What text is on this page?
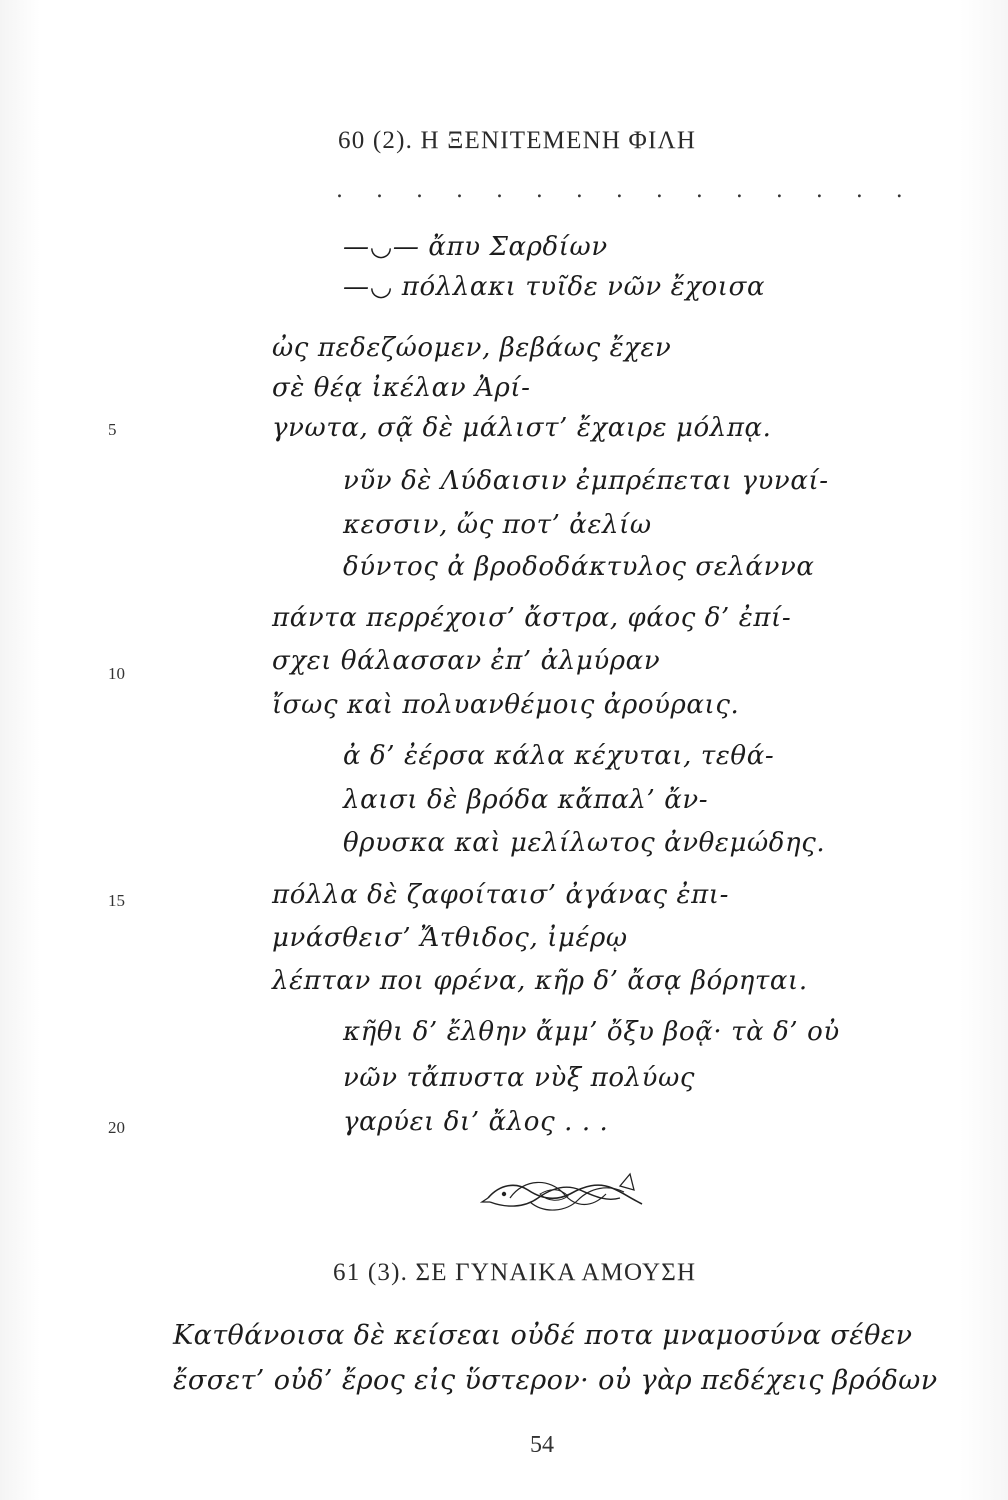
60 (2). Η ΞΕΝΙΤΕΜΕΝΗ ΦΙΛΗ
. . . . . . . . . . . . . . .
—◡— ἄπυ Σαρδίων
—◡ πόλλακι τυῖδε νῶν ἔχοισα
ὠς πεδεζώομεν, βεβάως ἔχεν
σὲ θέᾳ ἰκέλαν Ἀρί-
γνωτα, σᾷ δὲ μάλιστ’ ἔχαιρε μόλπᾳ.
νῦν δὲ Λύδαισιν ἐμπρέπεται γυναί-
κεσσιν, ὤς ποτ’ ἀελίω
δύντος ἀ βροδοδάκτυλος σελάννα
πάντα περρέχοισ’ ἄστρα, φάος δ’ ἐπί-
σχει θάλασσαν ἐπ’ ἀλμύραν
ἴσως καὶ πολυανθέμοις ἀρούραις.
ἀ δ’ ἐέρσα κάλα κέχυται, τεθά-
λαισι δὲ βρόδα κἄπαλ’ ἄν-
θρυσκα καὶ μελίλωτος ἀνθεμώδης.
πόλλα δὲ ζαφοίταισ’ ἀγάνας ἐπι-
μνάσθεισ’ Ἄτθιδος, ἰμέρῳ
λέπταν ποι φρένα, κῆρ δ’ ἄσᾳ βόρηται.
κῆθι δ’ ἔλθην ἄμμ’ ὄξυ βοᾷ· τὰ δ’ οὐ
νῶν τἄπυστα νὺξ πολύως
γαρύει δι’ ἄλος . . .
5
10
15
20
61 (3). ΣΕ ΓΥΝΑΙΚΑ ΑΜΟΥΣΗ
Κατθάνοισα δὲ κείσεαι οὐδέ ποτα μναμοσύνα σέθεν
ἔσσετ’ οὐδ’ ἔρος εἰς ὕστερον· οὐ γὰρ πεδέχεις βρόδων
54
